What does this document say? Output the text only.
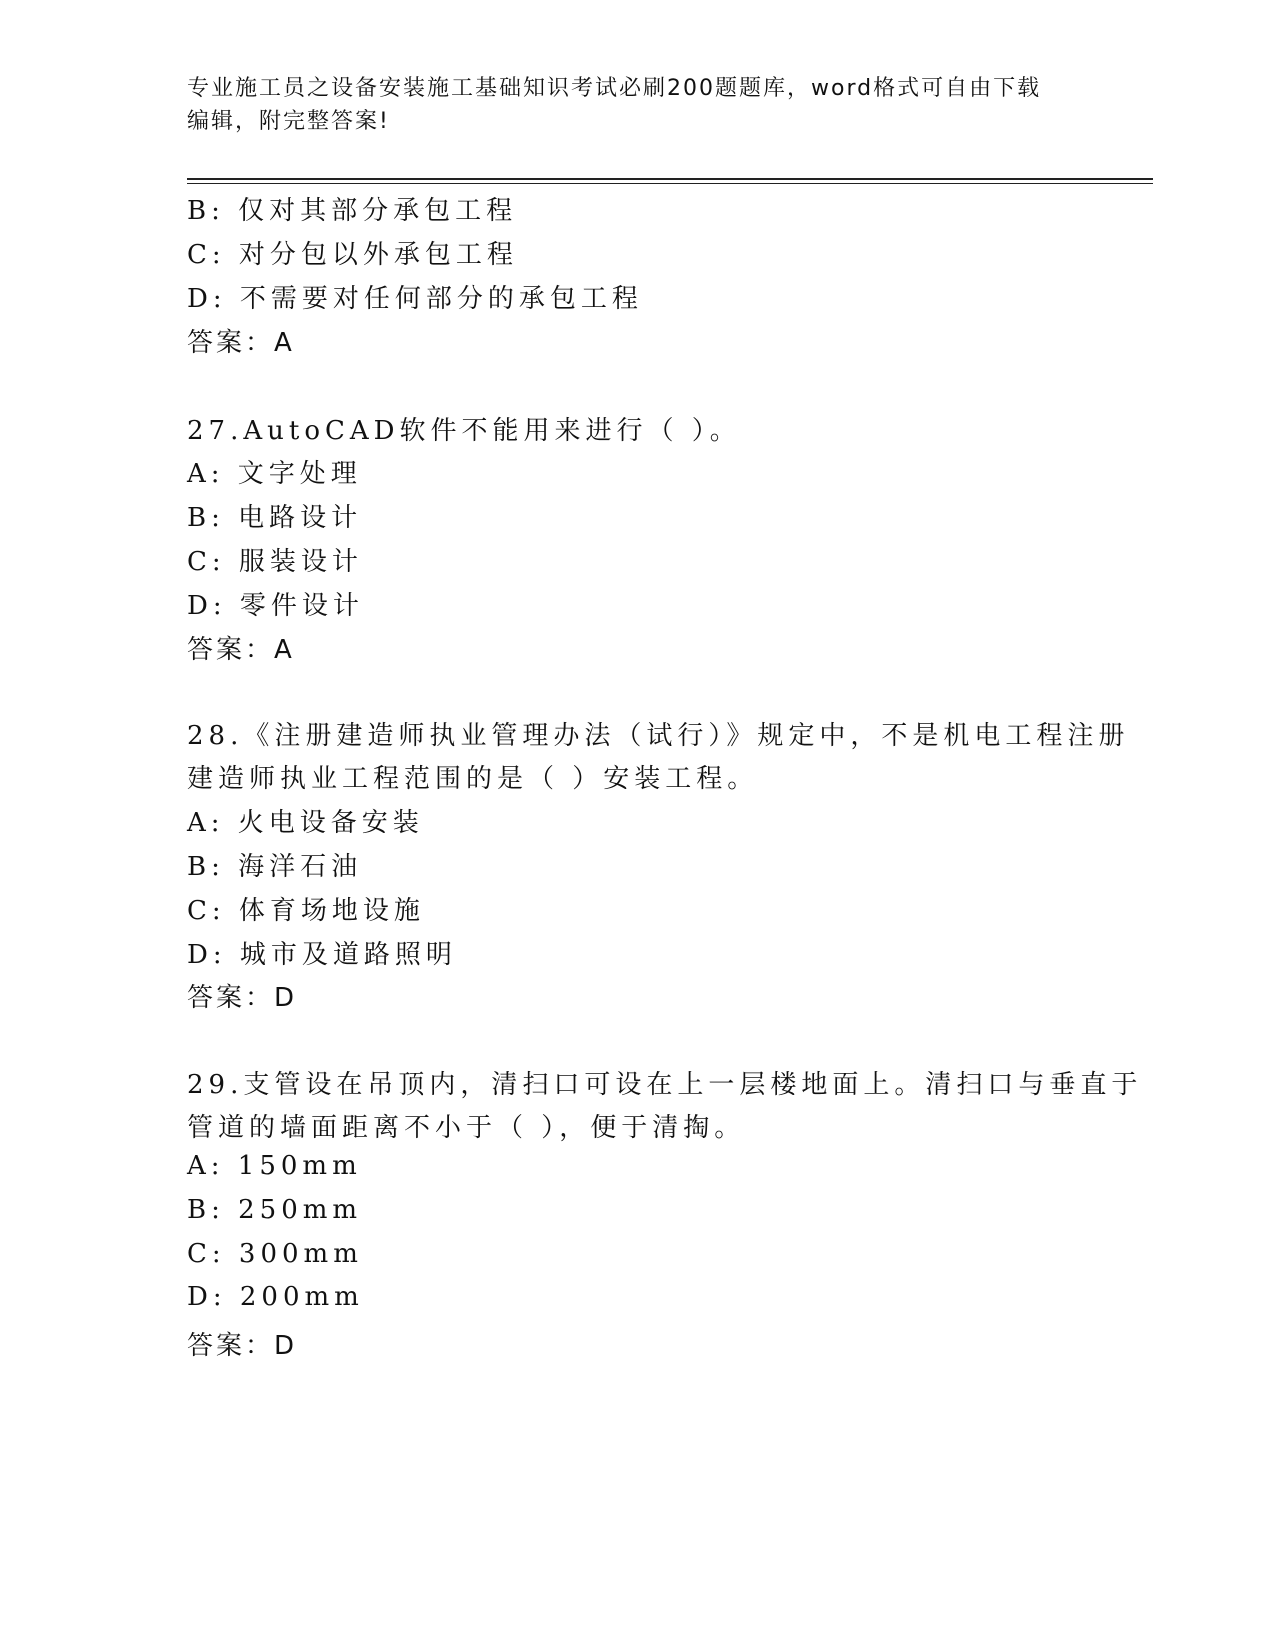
专业施工员之设备安装施工基础知识考试必刷200题题库，word格式可自由下载
编辑，附完整答案!
B: 仅对其部分承包工程
C: 对分包以外承包工程
D: 不需要对任何部分的承包工程
答案：A
27.AutoCAD软件不能用来进行（ ）。
A: 文字处理
B: 电路设计
C: 服装设计
D: 零件设计
答案：A
28.《注册建造师执业管理办法（试行）》规定中，不是机电工程注册
建造师执业工程范围的是（ ）安装工程。
A: 火电设备安装
B: 海洋石油
C: 体育场地设施
D: 城市及道路照明
答案：D
29.支管设在吊顶内，清扫口可设在上一层楼地面上。清扫口与垂直于
管道的墙面距离不小于（ ），便于清掏。
A: 150mm
B: 250mm
C: 300mm
D: 200mm
答案：D
